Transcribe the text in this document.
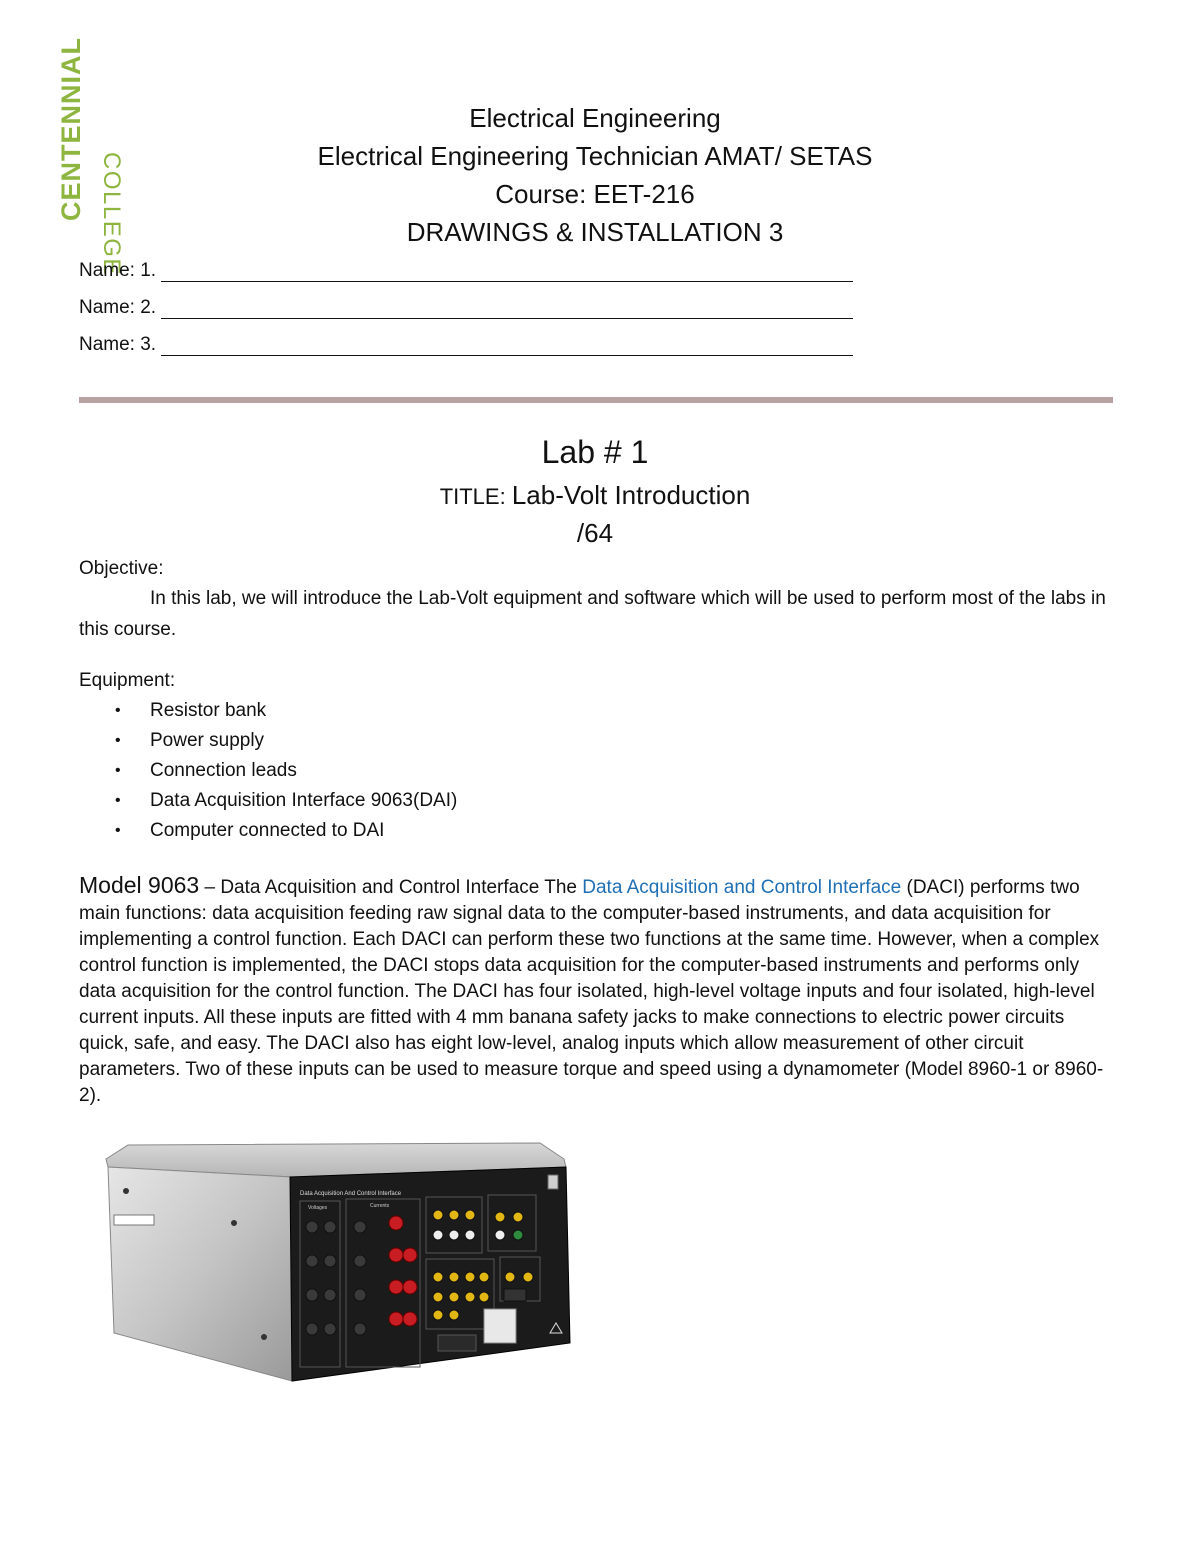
CENTENNIAL COLLEGE
Electrical Engineering
Electrical Engineering Technician AMAT/ SETAS
Course: EET-216
DRAWINGS & INSTALLATION 3
Name: 1.
Name: 2.
Name: 3.
Lab # 1
TITLE: Lab-Volt Introduction
/64
Objective:
In this lab, we will introduce the Lab-Volt equipment and software which will be used to perform most of the labs in this course.
Equipment:
• Resistor bank
• Power supply
• Connection leads
• Data Acquisition Interface 9063(DAI)
• Computer connected to DAI
Model 9063 – Data Acquisition and Control Interface The Data Acquisition and Control Interface (DACI) performs two main functions: data acquisition feeding raw signal data to the computer-based instruments, and data acquisition for implementing a control function. Each DACI can perform these two functions at the same time. However, when a complex control function is implemented, the DACI stops data acquisition for the computer-based instruments and performs only data acquisition for the control function. The DACI has four isolated, high-level voltage inputs and four isolated, high-level current inputs. All these inputs are fitted with 4 mm banana safety jacks to make connections to electric power circuits quick, safe, and easy. The DACI also has eight low-level, analog inputs which allow measurement of other circuit parameters. Two of these inputs can be used to measure torque and speed using a dynamometer (Model 8960-1 or 8960-2).
Data Acquisition And Control Interface
Voltages	Currents
